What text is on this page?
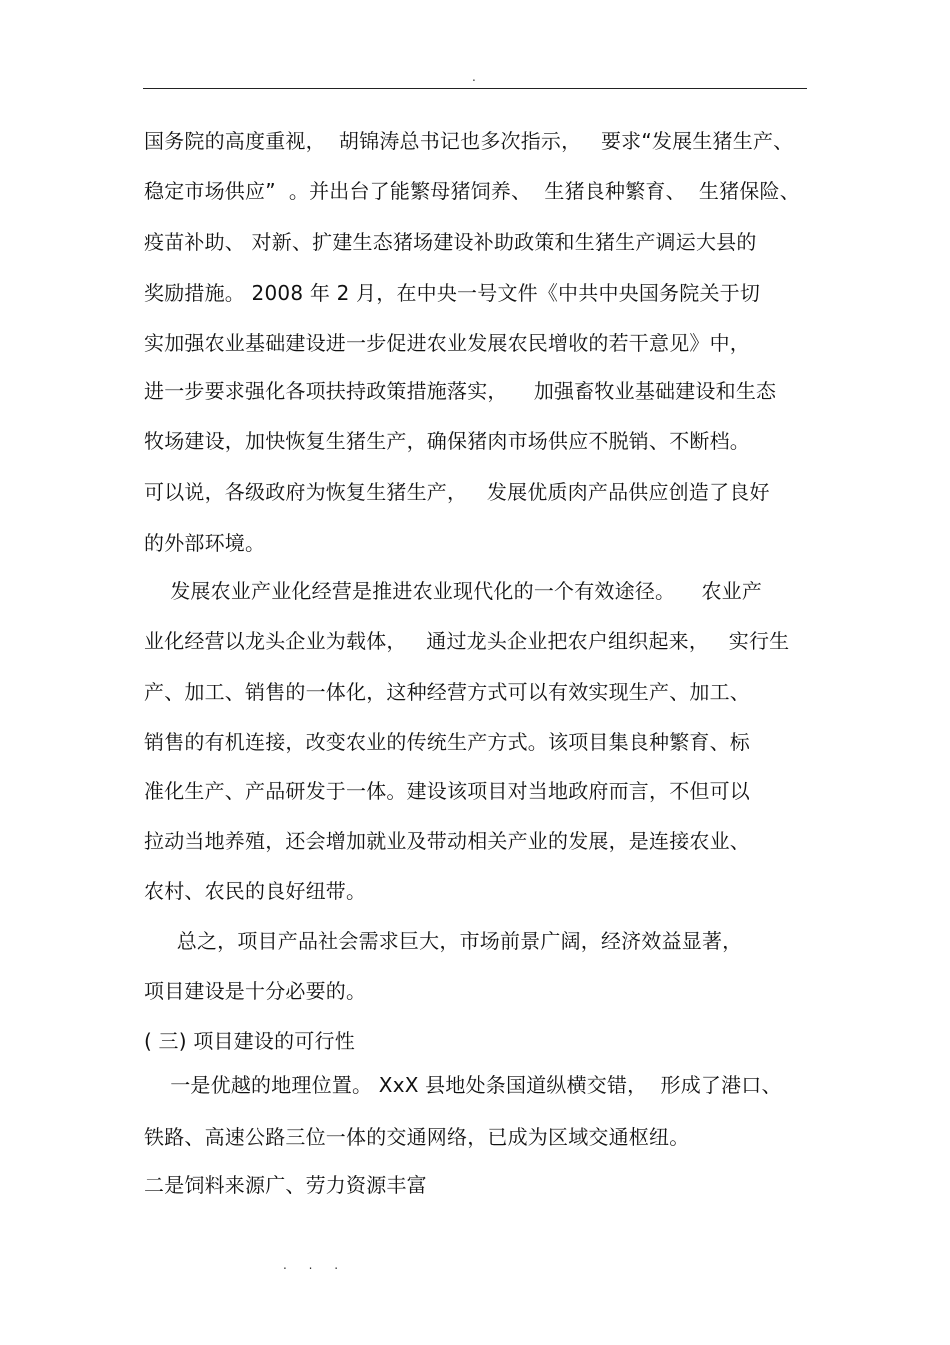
.
国务院的高度重视，  胡锦涛总书记也多次指示，   要求“发展生猪生产、
稳定市场供应”  。并出台了能繁母猪饲养、  生猪良种繁育、  生猪保险、
疫苗补助、 对新、扩建生态猪场建设补助政策和生猪生产调运大县的
奖励措施。 2008 年 2 月，在中央一号文件《中共中央国务院关于切
实加强农业基础建设进一步促进农业发展农民增收的若干意见》中，
进一步要求强化各项扶持政策措施落实，    加强畜牧业基础建设和生态
牧场建设，加快恢复生猪生产，确保猪肉市场供应不脱销、不断档。
可以说，各级政府为恢复生猪生产，   发展优质肉产品供应创造了良好
的外部环境。
发展农业产业化经营是推进农业现代化的一个有效途径。    农业产
业化经营以龙头企业为载体，   通过龙头企业把农户组织起来，   实行生
产、加工、销售的一体化，这种经营方式可以有效实现生产、加工、
销售的有机连接，改变农业的传统生产方式。该项目集良种繁育、标
准化生产、产品研发于一体。建设该项目对当地政府而言，不但可以
拉动当地养殖，还会增加就业及带动相关产业的发展，是连接农业、
农村、农民的良好纽带。
总之，项目产品社会需求巨大，市场前景广阔，经济效益显著，
项目建设是十分必要的。
( 三) 项目建设的可行性
一是优越的地理位置。 XxX 县地处条国道纵横交错，  形成了港口、
铁路、高速公路三位一体的交通网络，已成为区域交通枢纽。
二是饲料来源广、劳力资源丰富
. . .
